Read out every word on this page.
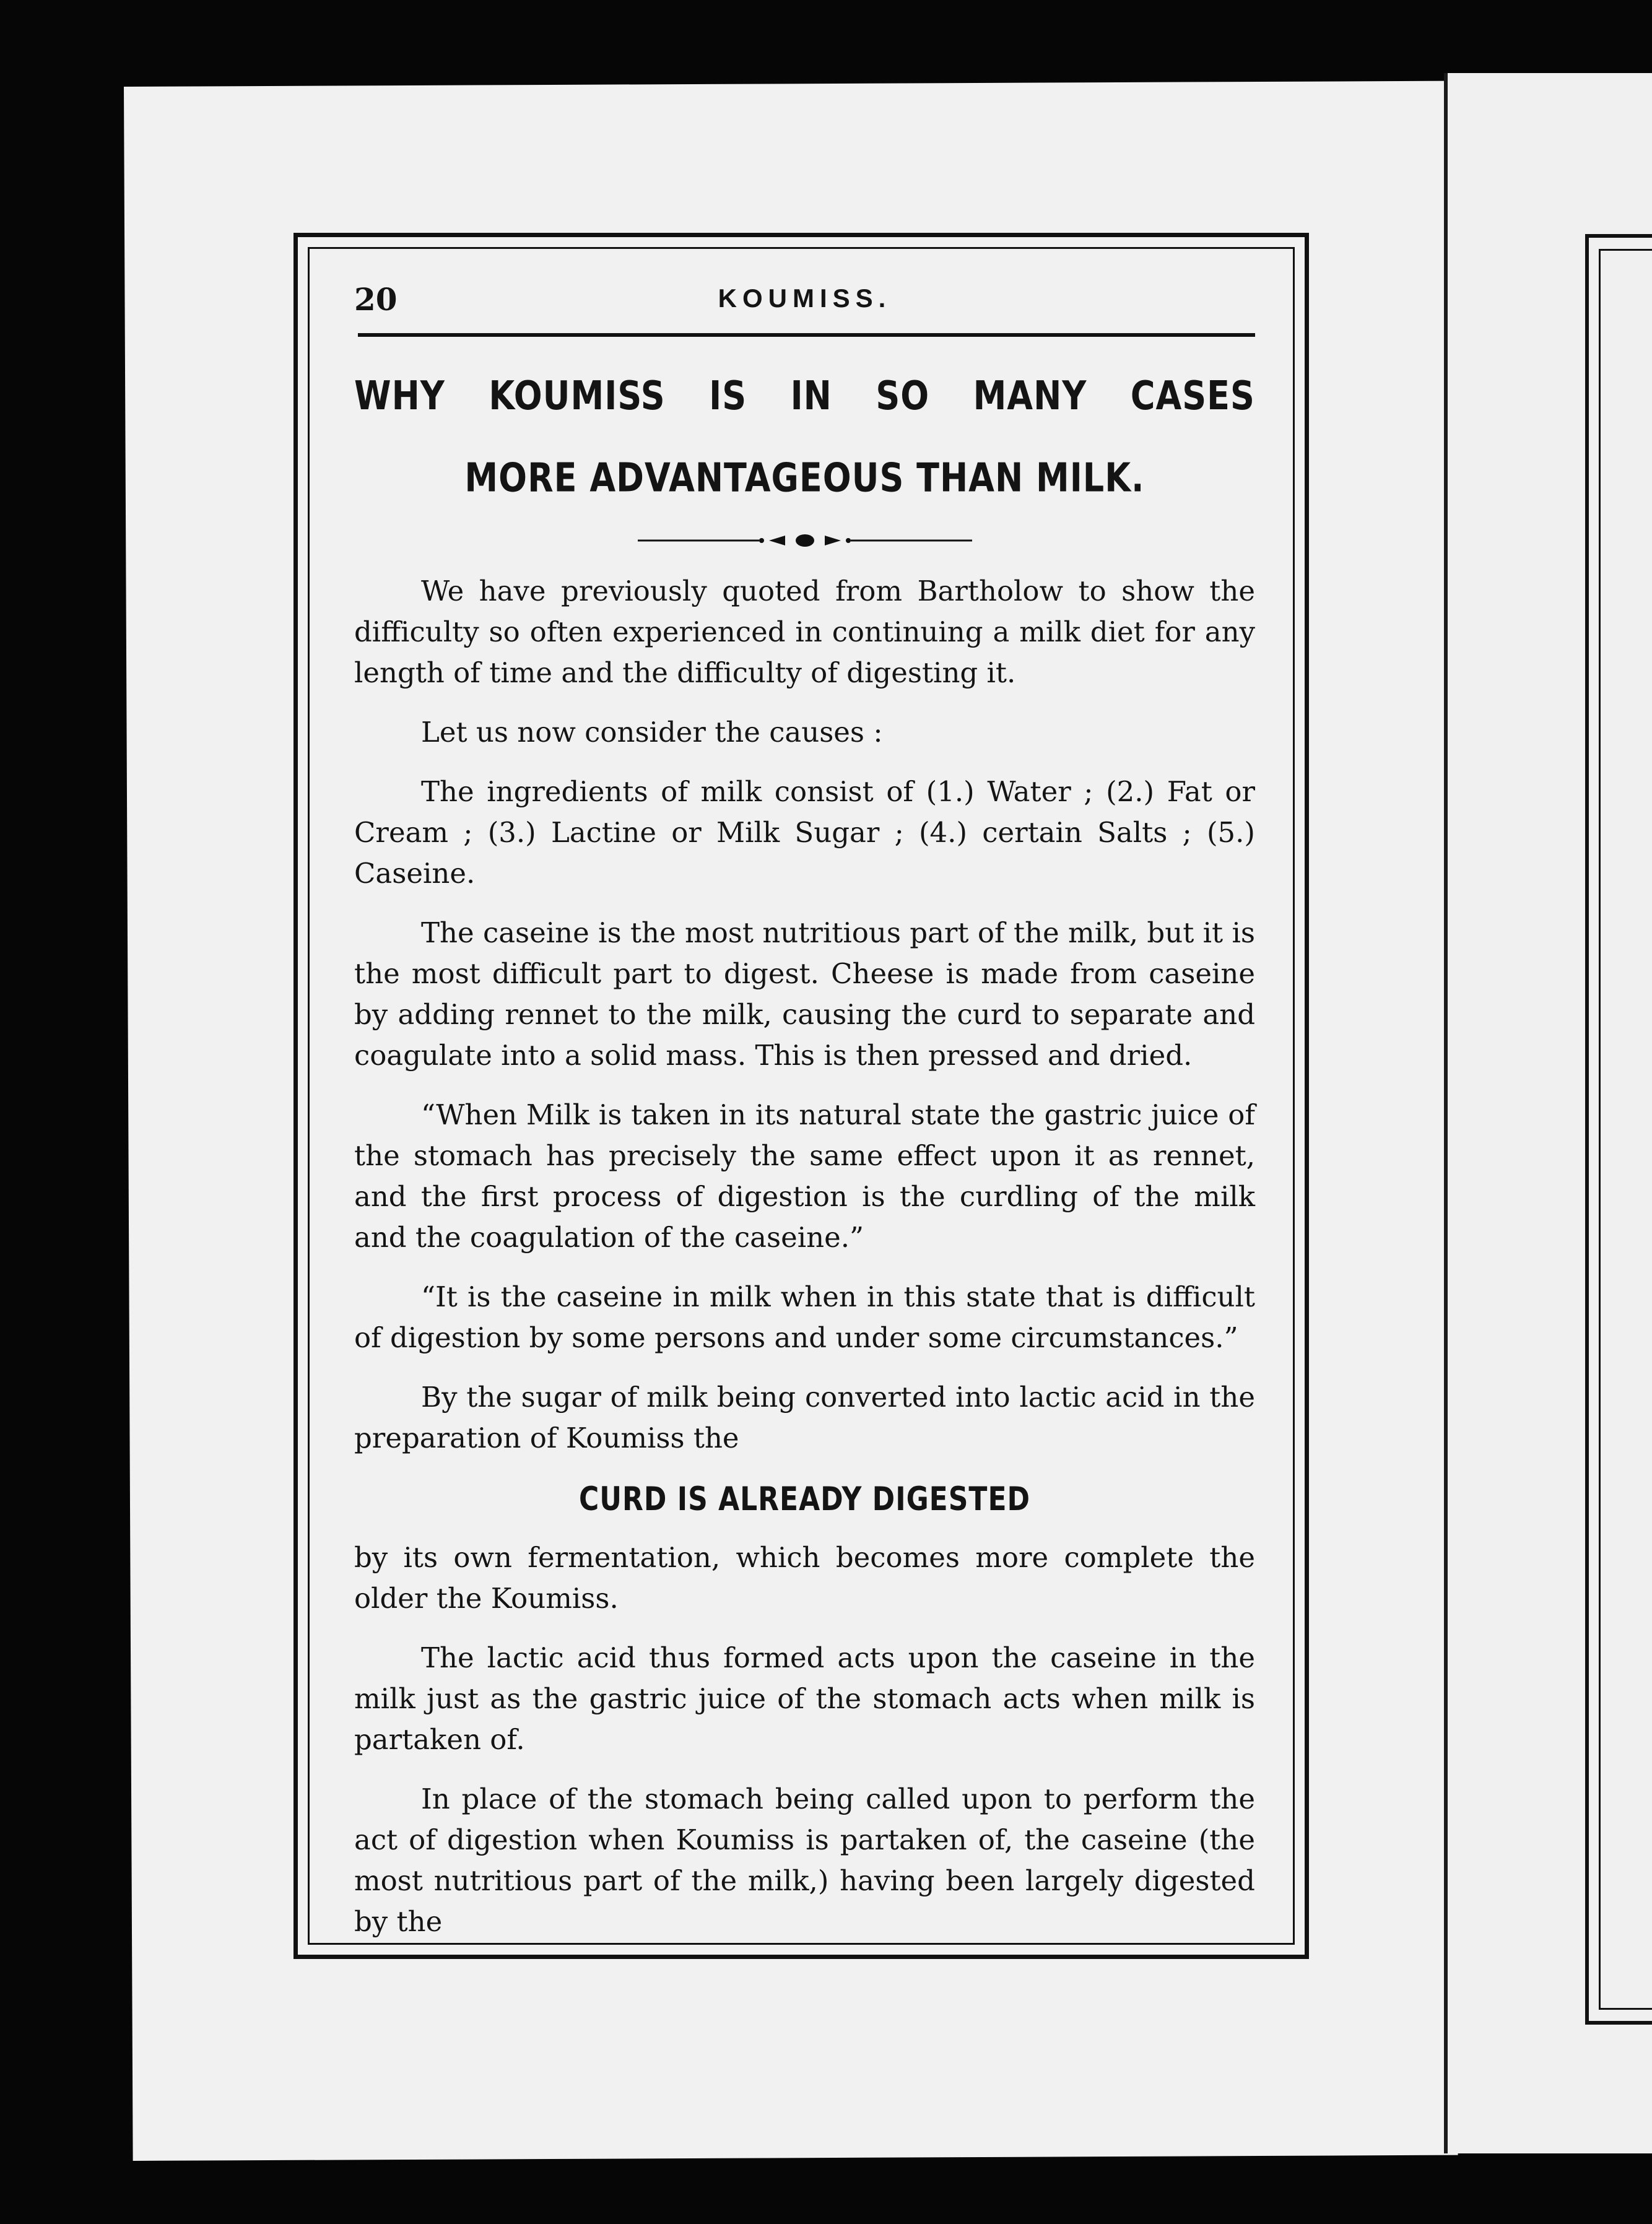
20	KOUMISS.
WHY KOUMISS IS IN SO MANY CASES
MORE ADVANTAGEOUS THAN MILK.

We have previously quoted from Bartholow to show the difficulty so often experienced in continuing a milk diet for any length of time and the difficulty of digesting it.

Let us now consider the causes :

The ingredients of milk consist of (1.) Water ; (2.) Fat or Cream ; (3.) Lactine or Milk Sugar ; (4.) certain Salts ; (5.) Caseine.

The caseine is the most nutritious part of the milk, but it is the most difficult part to digest. Cheese is made from caseine by adding rennet to the milk, causing the curd to separate and coagulate into a solid mass. This is then pressed and dried.

“When Milk is taken in its natural state the gastric juice of the stomach has precisely the same effect upon it as rennet, and the first process of digestion is the curdling of the milk and the coagulation of the caseine.”

“It is the caseine in milk when in this state that is difficult of digestion by some persons and under some circumstances.”

By the sugar of milk being converted into lactic acid in the preparation of Koumiss the

CURD IS ALREADY DIGESTED

by its own fermentation, which becomes more complete the older the Koumiss.

The lactic acid thus formed acts upon the caseine in the milk just as the gastric juice of the stomach acts when milk is partaken of.

In place of the stomach being called upon to perform the act of digestion when Koumiss is partaken of, the caseine (the most nutritious part of the milk,) having been largely digested by the
